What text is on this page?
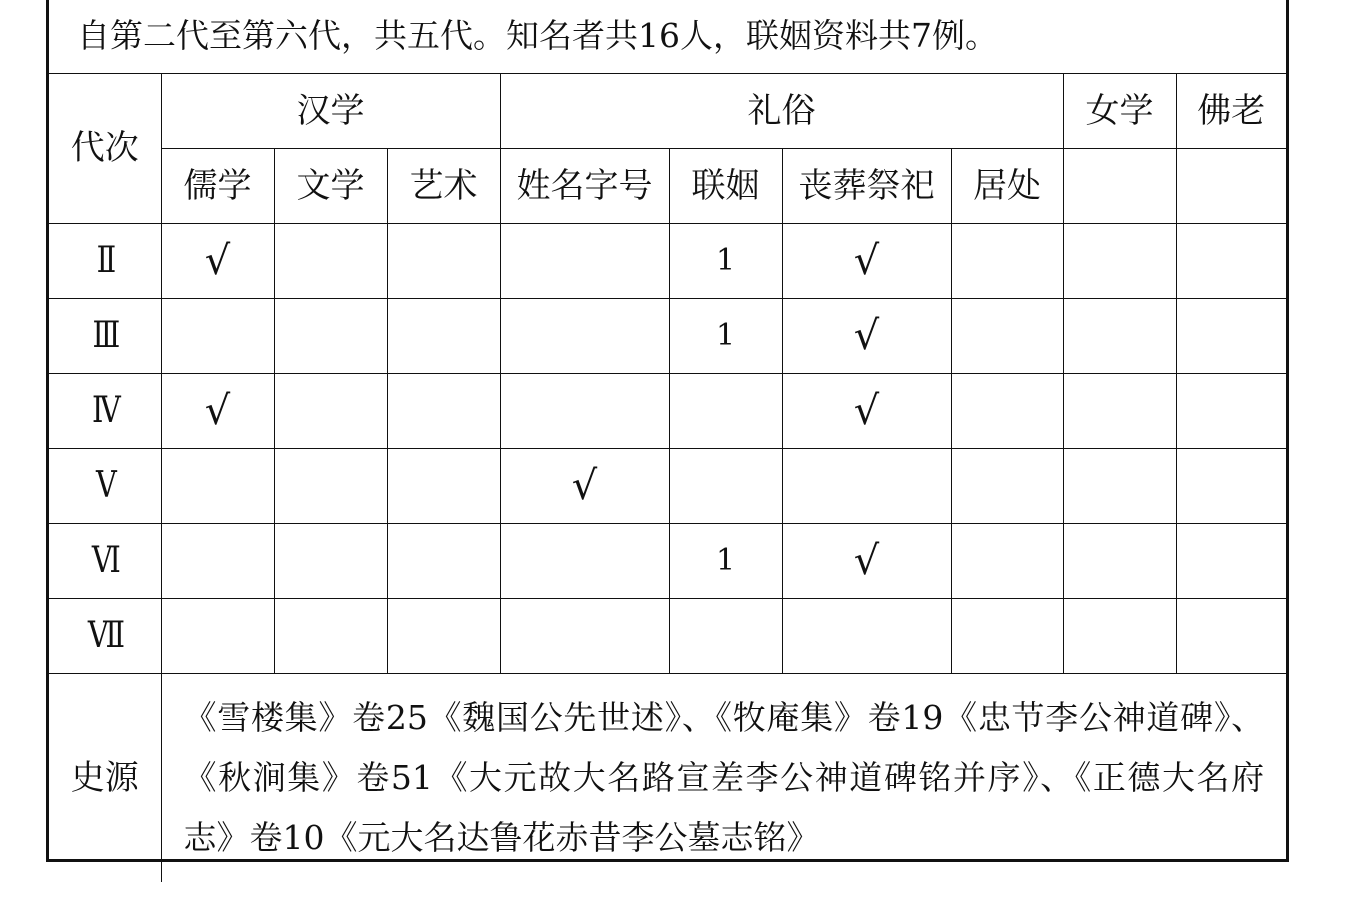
自第二代至第六代，共五代。知名者共16人，联姻资料共7例。									
代次	汉学			礼俗				女学	佛老
	儒学	文学	艺术	姓名字号	联姻	丧葬祭祀	居处		
Ⅱ	√				1	√			
Ⅲ					1	√			
Ⅳ	√					√			
Ⅴ				√					
Ⅵ					1	√			
Ⅶ									
史源	《雪楼集》卷25《魏国公先世述》、《牧庵集》卷19《忠节李公神道碑》、《秋涧集》卷51《大元故大名路宣差李公神道碑铭并序》、《正德大名府志》卷10《元大名达鲁花赤昔李公墓志铭》								
